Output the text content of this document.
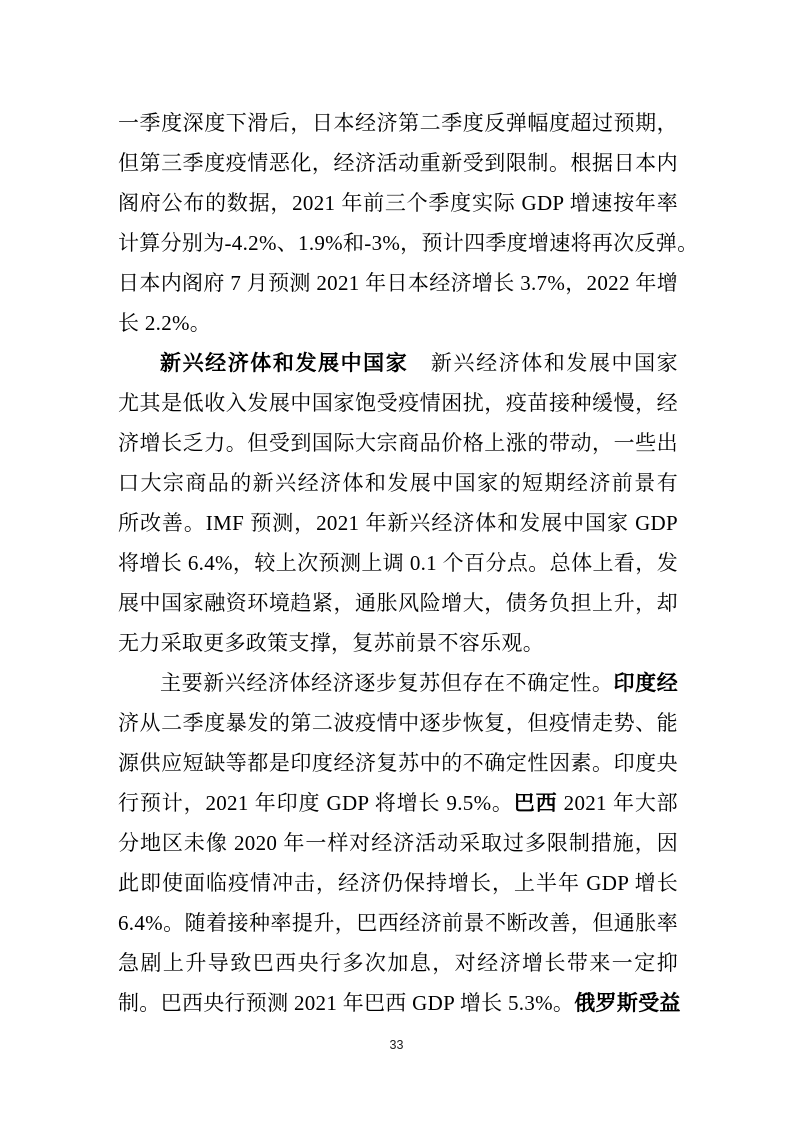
一季度深度下滑后，日本经济第二季度反弹幅度超过预期，
但第三季度疫情恶化，经济活动重新受到限制。根据日本内
阁府公布的数据，2021 年前三个季度实际 GDP 增速按年率
计算分别为-4.2%、1.9%和-3%，预计四季度增速将再次反弹。
日本内阁府 7 月预测 2021 年日本经济增长 3.7%，2022 年增
长 2.2%。
新兴经济体和发展中国家　 新兴经济体和发展中国家
尤其是低收入发展中国家饱受疫情困扰，疫苗接种缓慢，经
济增长乏力。但受到国际大宗商品价格上涨的带动，一些出
口大宗商品的新兴经济体和发展中国家的短期经济前景有
所改善。IMF 预测，2021 年新兴经济体和发展中国家 GDP
将增长 6.4%，较上次预测上调 0.1 个百分点。总体上看，发
展中国家融资环境趋紧，通胀风险增大，债务负担上升，却
无力采取更多政策支撑，复苏前景不容乐观。
主要新兴经济体经济逐步复苏但存在不确定性。印度经
济从二季度暴发的第二波疫情中逐步恢复，但疫情走势、能
源供应短缺等都是印度经济复苏中的不确定性因素。印度央
行预计，2021 年印度 GDP 将增长 9.5%。巴西 2021 年大部
分地区未像 2020 年一样对经济活动采取过多限制措施，因
此即使面临疫情冲击，经济仍保持增长，上半年 GDP 增长
6.4%。随着接种率提升，巴西经济前景不断改善，但通胀率
急剧上升导致巴西央行多次加息，对经济增长带来一定抑
制。巴西央行预测 2021 年巴西 GDP 增长 5.3%。俄罗斯受益
33
